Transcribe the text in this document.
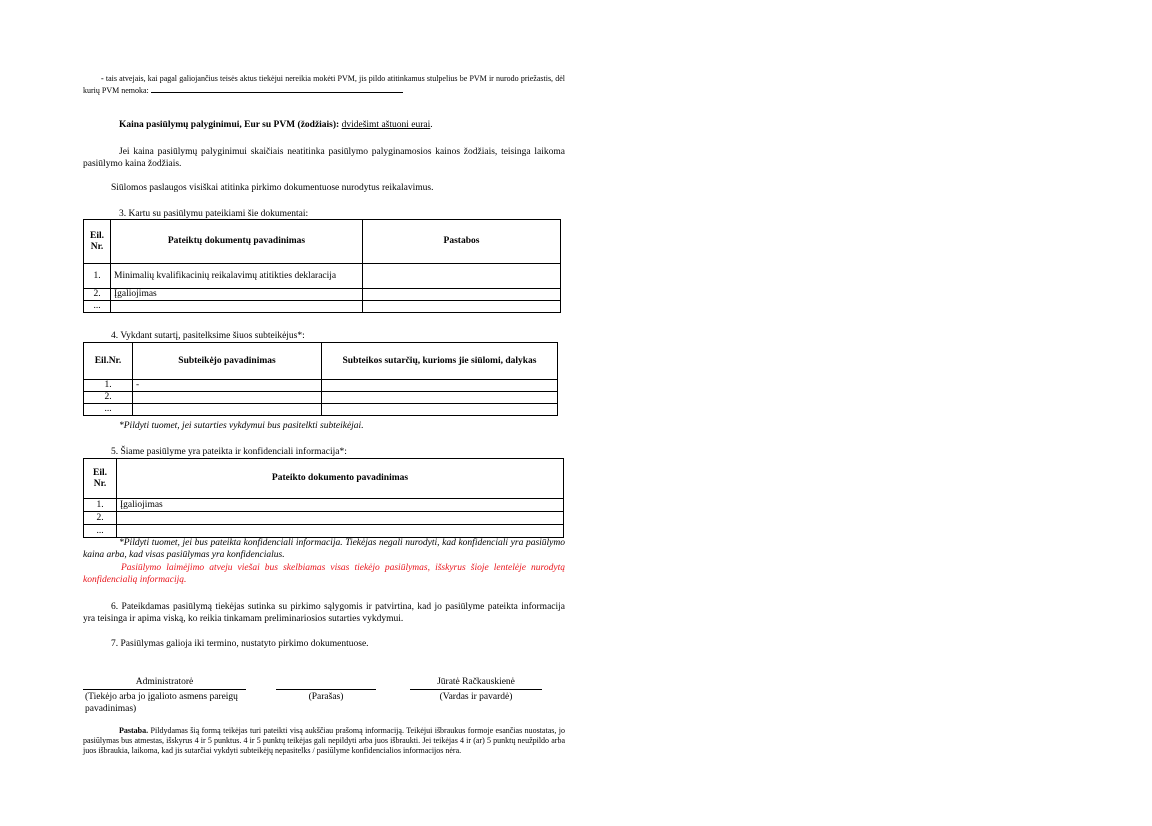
- tais atvejais, kai pagal galiojančius teisės aktus tiekėjui nereikia mokėti PVM, jis pildo atitinkamus stulpelius be PVM ir nurodo priežastis, dėl kurių PVM nemoka:
Kaina pasiūlymų palyginimui, Eur su PVM (žodžiais): dvidešimt aštuoni eurai.
Jei kaina pasiūlymų palyginimui skaičiais neatitinka pasiūlymo palyginamosios kainos žodžiais, teisinga laikoma pasiūlymo kaina žodžiais.
Siūlomos paslaugos visiškai atitinka pirkimo dokumentuose nurodytus reikalavimus.
3. Kartu su pasiūlymu pateikiami šie dokumentai:
Eil. Nr.	Pateiktų dokumentų pavadinimas	Pastabos
1.	Minimalių kvalifikacinių reikalavimų atitikties deklaracija	
2.	Įgaliojimas	
...		
4. Vykdant sutartį, pasitelksime šiuos subteikėjus*:
Eil.Nr.	Subteikėjo pavadinimas	Subteikos sutarčių, kurioms jie siūlomi, dalykas
1.	-	
2.		
...		
*Pildyti tuomet, jei sutarties vykdymui bus pasitelkti subteikėjai.
5. Šiame pasiūlyme yra pateikta ir konfidenciali informacija*:
Eil. Nr.	Pateikto dokumento pavadinimas
1.	Įgaliojimas
2.	
...	
*Pildyti tuomet, jei bus pateikta konfidenciali informacija. Tiekėjas negali nurodyti, kad konfidenciali yra pasiūlymo kaina arba, kad visas pasiūlymas yra konfidencialus.
Pasiūlymo laimėjimo atveju viešai bus skelbiamas visas tiekėjo pasiūlymas, išskyrus šioje lentelėje nurodytą konfidencialią informaciją.
6. Pateikdamas pasiūlymą tiekėjas sutinka su pirkimo sąlygomis ir patvirtina, kad jo pasiūlyme pateikta informacija yra teisinga ir apima viską, ko reikia tinkamam preliminariosios sutarties vykdymui.
7. Pasiūlymas galioja iki termino, nustatyto pirkimo dokumentuose.
Administratorė
(Tiekėjo arba jo įgalioto asmens pareigų pavadinimas)
(Parašas)
Jūratė Račkauskienė
(Vardas ir pavardė)
Pastaba. Pildydamas šią formą teikėjas turi pateikti visą aukščiau prašomą informaciją. Teikėjui išbraukus formoje esančias nuostatas, jo pasiūlymas bus atmestas, išskyrus 4 ir 5 punktus. 4 ir 5 punktų teikėjas gali nepildyti arba juos išbraukti. Jei teikėjas 4 ir (ar) 5 punktų neužpildo arba juos išbraukia, laikoma, kad jis sutarčiai vykdyti subteikėjų nepasitelks / pasiūlyme konfidencialios informacijos nėra.
